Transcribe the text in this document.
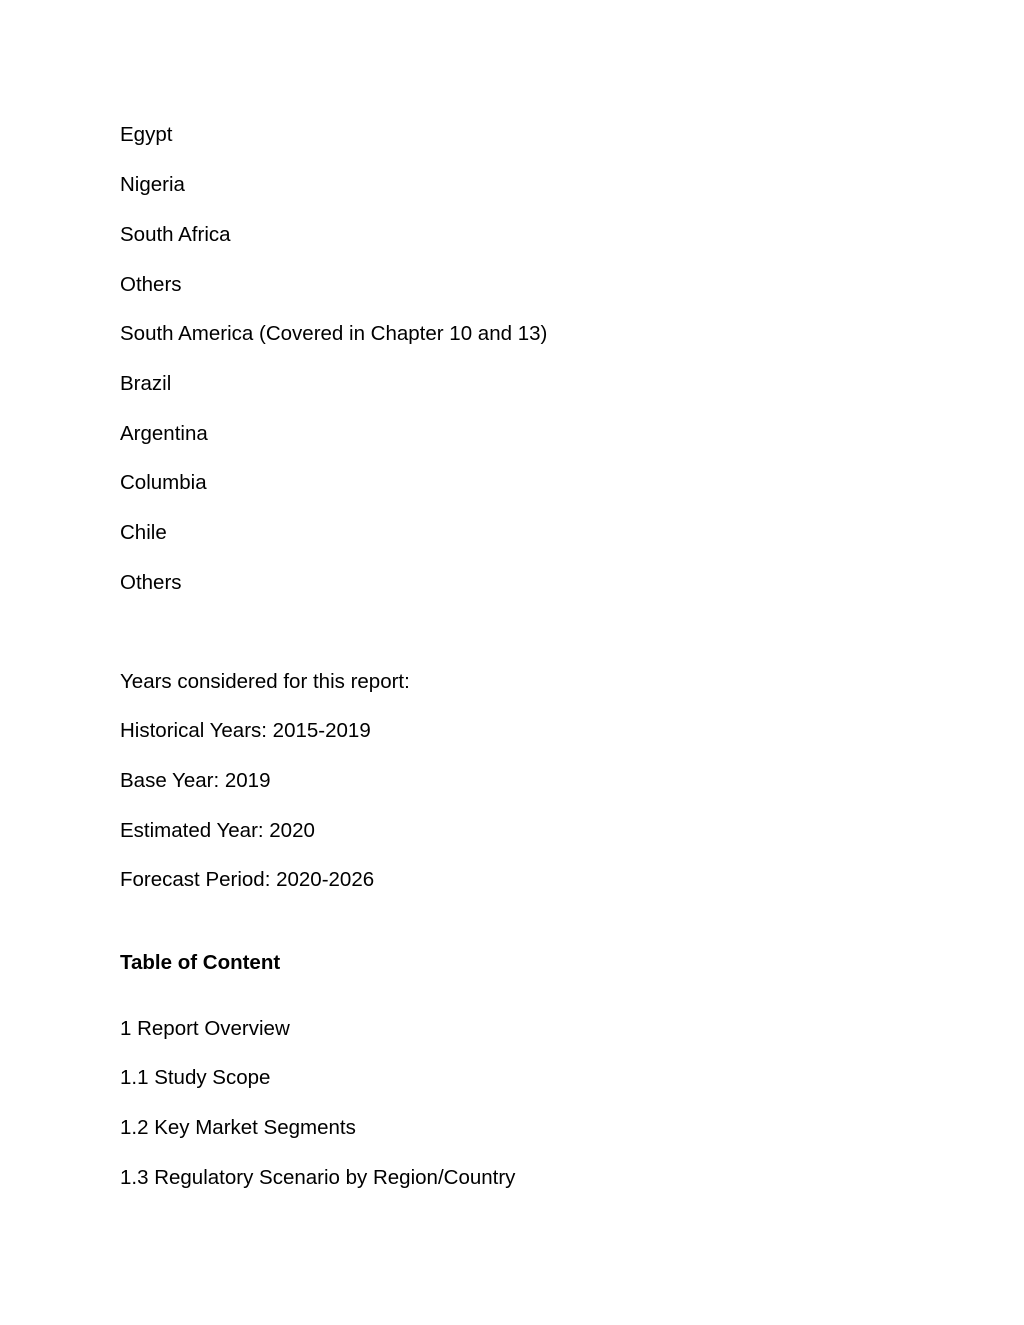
Egypt
Nigeria
South Africa
Others
South America (Covered in Chapter 10 and 13)
Brazil
Argentina
Columbia
Chile
Others
Years considered for this report:
Historical Years: 2015-2019
Base Year: 2019
Estimated Year: 2020
Forecast Period: 2020-2026
Table of Content
1 Report Overview
1.1 Study Scope
1.2 Key Market Segments
1.3 Regulatory Scenario by Region/Country
